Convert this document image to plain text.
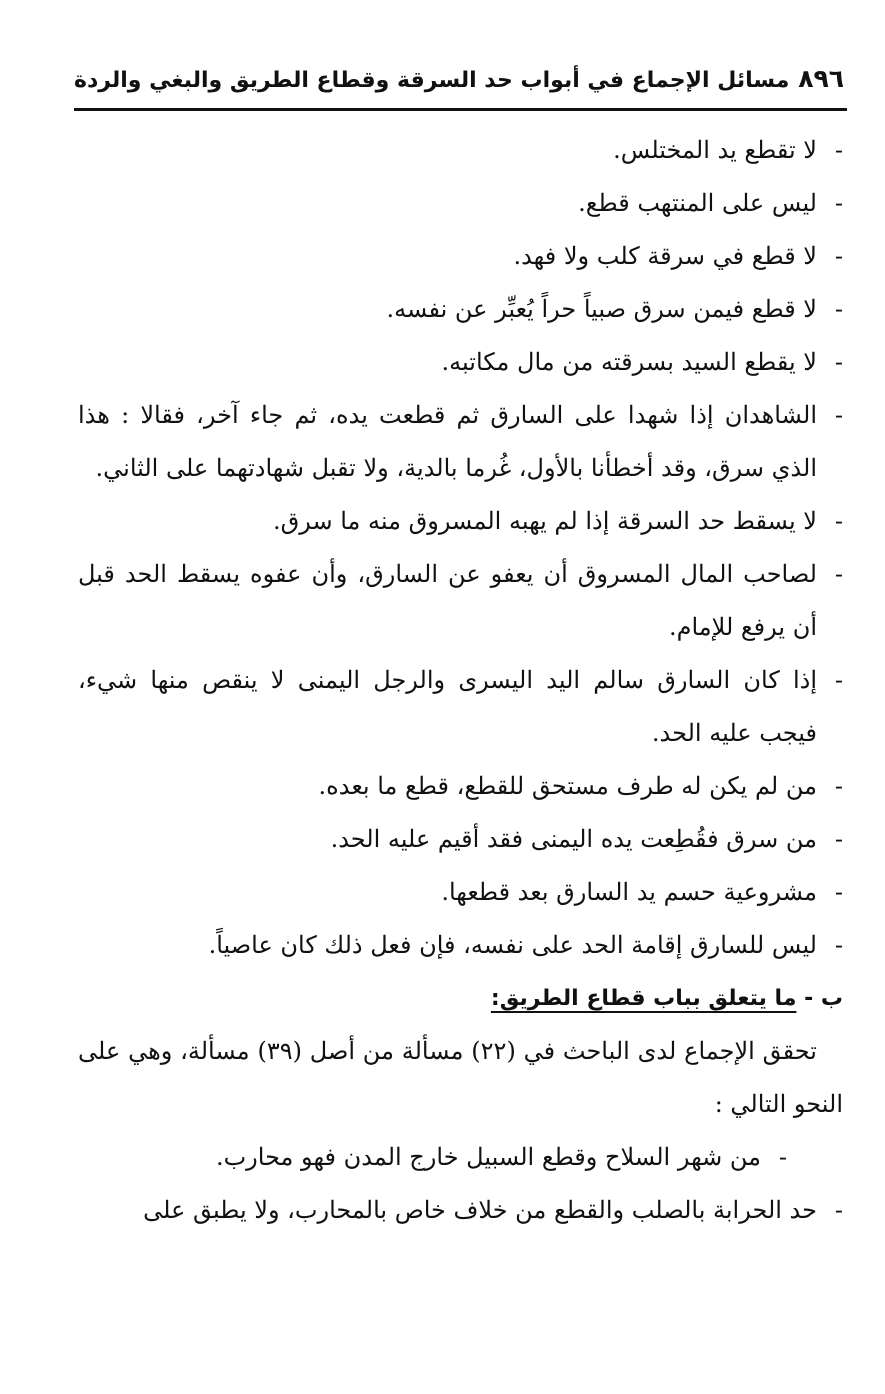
٨٩٦
مسائل الإجماع في أبواب حد السرقة وقطاع الطريق والبغي والردة

-
لا تقطع يد المختلس.

-
ليس على المنتهب قطع.

-
لا قطع في سرقة كلب ولا فهد.

-
لا قطع فيمن سرق صبياً حراً يُعبِّر عن نفسه.

-
لا يقطع السيد بسرقته من مال مكاتبه.

-
الشاهدان إذا شهدا على السارق ثم قطعت يده، ثم جاء آخر، فقالا : هذا الذي سرق، وقد أخطأنا بالأول، غُرما بالدية، ولا تقبل شهادتهما على الثاني.

-
لا يسقط حد السرقة إذا لم يهبه المسروق منه ما سرق.

-
لصاحب المال المسروق أن يعفو عن السارق، وأن عفوه يسقط الحد قبل أن يرفع للإمام.

-
إذا كان السارق سالم اليد اليسرى والرجل اليمنى لا ينقص منها شيء، فيجب عليه الحد.

-
من لم يكن له طرف مستحق للقطع، قطع ما بعده.

-
من سرق فقُطِعت يده اليمنى فقد أقيم عليه الحد.

-
مشروعية حسم يد السارق بعد قطعها.

-
ليس للسارق إقامة الحد على نفسه، فإن فعل ذلك كان عاصياً.

ب - ما يتعلق بباب قطاع الطريق:

تحقق الإجماع لدى الباحث في (٢٢) مسألة من أصل (٣٩) مسألة، وهي على النحو التالي :

-
من شهر السلاح وقطع السبيل خارج المدن فهو محارب.

-
حد الحرابة بالصلب والقطع من خلاف خاص بالمحارب، ولا يطبق على
